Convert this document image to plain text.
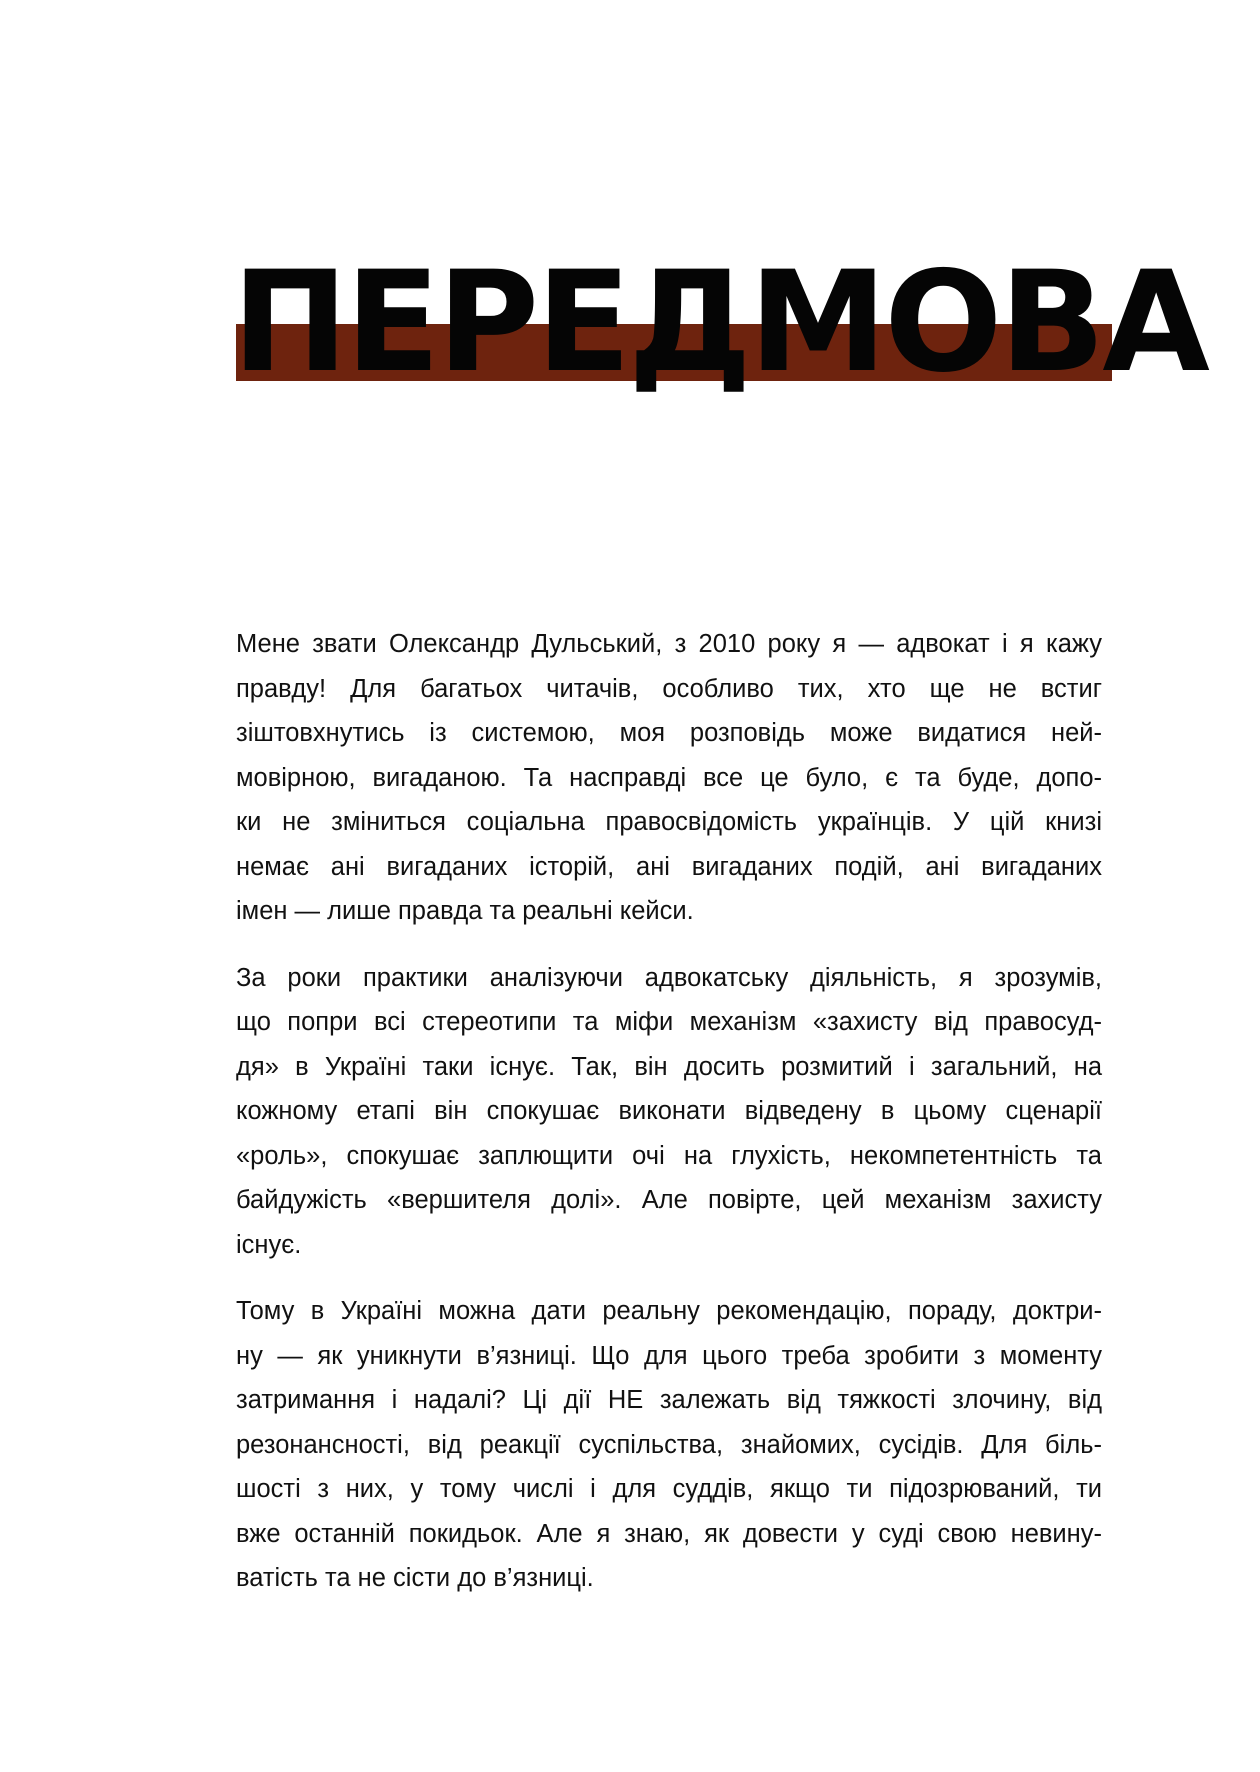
ПЕРЕДМОВА

Мене звати Олександр Дульський, з 2010 року я — адвокат і я кажу
правду! Для багатьох читачів, особливо тих, хто ще не встиг
зіштовхнутись із системою, моя розповідь може видатися ней-
мовірною, вигаданою. Та насправді все це було, є та буде, допо-
ки не зміниться соціальна правосвідомість українців. У цій книзі
немає ані вигаданих історій, ані вигаданих подій, ані вигаданих
імен — лише правда та реальні кейси.

За роки практики аналізуючи адвокатську діяльність, я зрозумів,
що попри всі стереотипи та міфи механізм «захисту від правосуд-
дя» в Україні таки існує. Так, він досить розмитий і загальний, на
кожному етапі він спокушає виконати відведену в цьому сценарії
«роль», спокушає заплющити очі на глухість, некомпетентність та
байдужість «вершителя долі». Але повірте, цей механізм захисту
існує.

Тому в Україні можна дати реальну рекомендацію, пораду, доктри-
ну — як уникнути в’язниці. Що для цього треба зробити з моменту
затримання і надалі? Ці дії НЕ залежать від тяжкості злочину, від
резонансності, від реакції суспільства, знайомих, сусідів. Для біль-
шості з них, у тому числі і для суддів, якщо ти підозрюваний, ти
вже останній покидьок. Але я знаю, як довести у суді свою невину-
ватість та не сісти до в’язниці.
